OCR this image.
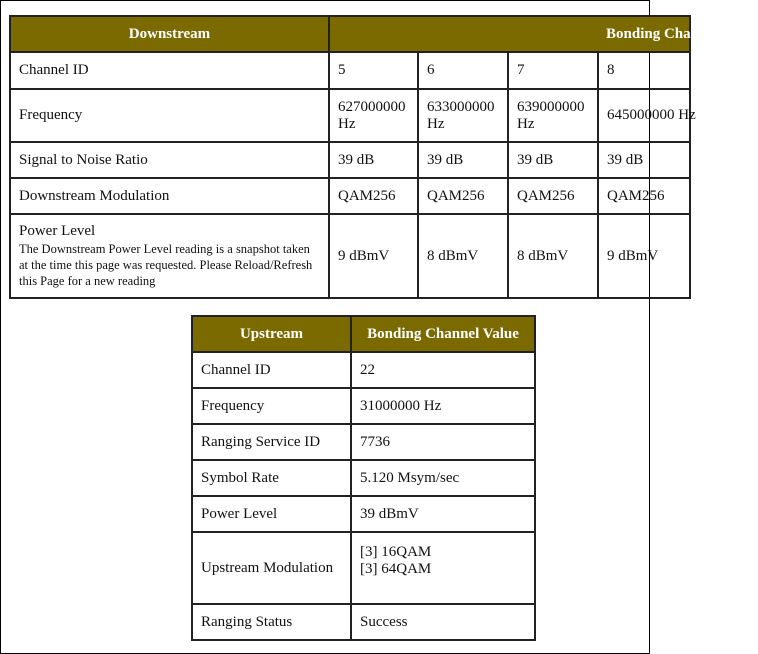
Downstream	Bonding Channel Value			
Channel ID	5	6	7	8
Frequency	627000000 Hz	633000000 Hz	639000000 Hz	645000000 Hz
Signal to Noise Ratio	39 dB	39 dB	39 dB	39 dB
Downstream Modulation	QAM256	QAM256	QAM256	QAM256
Power Level
The Downstream Power Level reading is a snapshot taken at the time this page was requested. Please Reload/Refresh this Page for a new reading	9 dBmV	8 dBmV	8 dBmV	9 dBmV
Upstream	Bonding Channel Value
Channel ID	22
Frequency	31000000 Hz
Ranging Service ID	7736
Symbol Rate	5.120 Msym/sec
Power Level	39 dBmV
Upstream Modulation	[3] 16QAM
[3] 64QAM

Ranging Status	Success
